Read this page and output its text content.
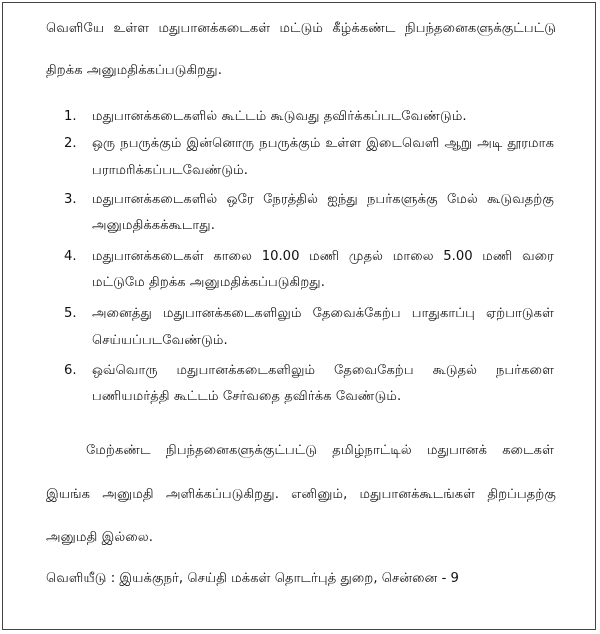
வெளியே உள்ள மதுபானக்கடைகள் மட்டும் கீழ்க்கண்ட நிபந்தனைகளுக்குட்பட்டு
திறக்க அனுமதிக்கப்படுகிறது.
1. மதுபானக்கடைகளில் கூட்டம் கூடுவது தவிர்க்கப்படவேண்டும்.
2. ஒரு நபருக்கும் இன்னொரு நபருக்கும் உள்ள இடைவெளி ஆறு அடி தூரமாக
பராமரிக்கப்படவேண்டும்.
3. மதுபானக்கடைகளில் ஒரே நேரத்தில் ஐந்து நபர்களுக்கு மேல் கூடுவதற்கு
அனுமதிக்கக்கூடாது.
4. மதுபானக்கடைகள் காலை 10.00 மணி முதல் மாலை 5.00 மணி வரை
மட்டுமே திறக்க அனுமதிக்கப்படுகிறது.
5. அனைத்து மதுபானக்கடைகளிலும் தேவைக்கேற்ப பாதுகாப்பு ஏற்பாடுகள்
செய்யப்படவேண்டும்.
6. ஒவ்வொரு மதுபானக்கடைகளிலும் தேவைகேற்ப கூடுதல் நபர்களை
பணியமர்த்தி கூட்டம் சேர்வதை தவிர்க்க வேண்டும்.
மேற்கண்ட நிபந்தனைகளுக்குட்பட்டு தமிழ்நாட்டில் மதுபானக் கடைகள்
இயங்க அனுமதி அளிக்கப்படுகிறது. எனினும், மதுபானக்கூடங்கள் திறப்பதற்கு
அனுமதி இல்லை.
வெளியீடு : இயக்குநர், செய்தி மக்கள் தொடர்புத் துறை, சென்னை - 9
